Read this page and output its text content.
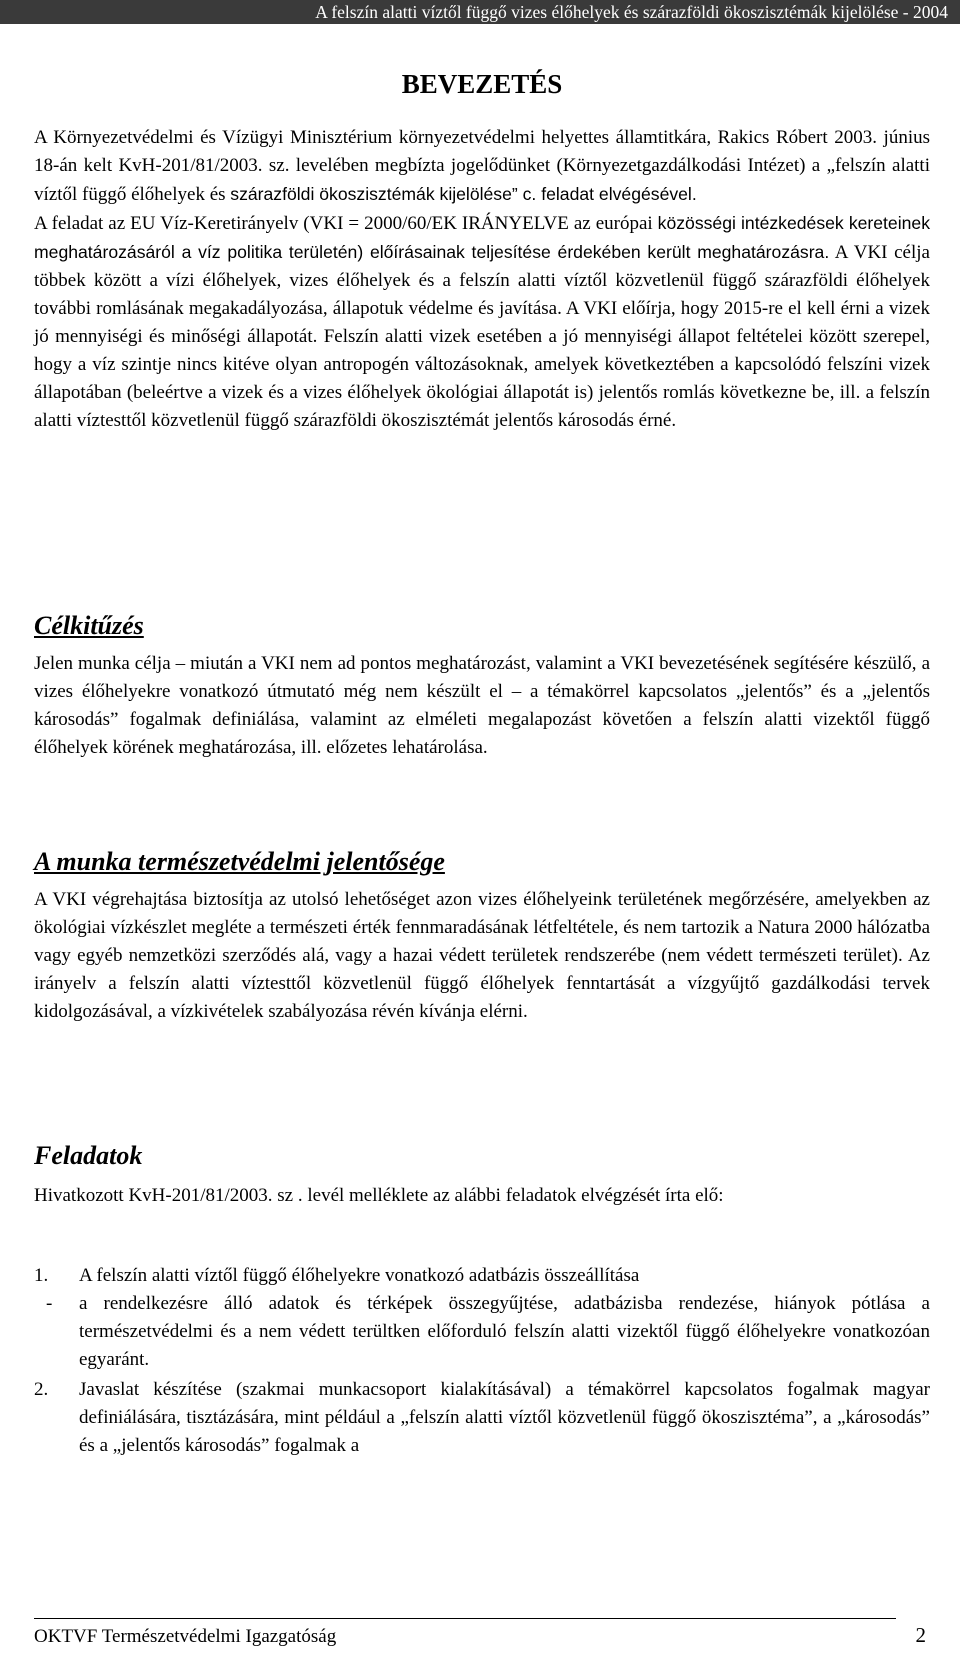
A felszín alatti víztől függő vizes élőhelyek és szárazföldi ökoszisztémák kijelölése - 2004
BEVEZETÉS

A Környezetvédelmi és Vízügyi Minisztérium környezetvédelmi helyettes államtitkára, Rakics Róbert 2003. június 18-án kelt KvH-201/81/2003. sz. levelében megbízta jogelődünket (Környezetgazdálkodási Intézet) a „felszín alatti víztől függő élőhelyek és szárazföldi ökoszisztémák kijelölése” c. feladat elvégésével.
A feladat az EU Víz-Keretirányelv (VKI = 2000/60/EK IRÁNYELVE az európai közösségi intézkedések kereteinek meghatározásáról a víz politika területén) előírásainak teljesítése érdekében került meghatározásra. A VKI célja többek között a vízi élőhelyek, vizes élőhelyek és a felszín alatti víztől közvetlenül függő szárazföldi élőhelyek további romlásának megakadályozása, állapotuk védelme és javítása. A VKI előírja, hogy 2015-re el kell érni a vizek jó mennyiségi és minőségi állapotát. Felszín alatti vizek esetében a jó mennyiségi állapot feltételei között szerepel, hogy a víz szintje nincs kitéve olyan antropogén változásoknak, amelyek következtében a kapcsolódó felszíni vizek állapotában (beleértve a vizek és a vizes élőhelyek ökológiai állapotát is) jelentős romlás következne be, ill. a felszín alatti víztesttől közvetlenül függő szárazföldi ökoszisztémát jelentős károsodás érné.

Célkitűzés

Jelen munka célja – miután a VKI nem ad pontos meghatározást, valamint a VKI bevezetésének segítésére készülő, a vizes élőhelyekre vonatkozó útmutató még nem készült el – a témakörrel kapcsolatos „jelentős” és a „jelentős károsodás” fogalmak definiálása, valamint az elméleti megalapozást követően a felszín alatti vizektől függő élőhelyek körének meghatározása, ill. előzetes lehatárolása.

A munka természetvédelmi jelentősége

A VKI végrehajtása biztosítja az utolsó lehetőséget azon vizes élőhelyeink területének megőrzésére, amelyekben az ökológiai vízkészlet megléte a természeti érték fennmaradásának létfeltétele, és nem tartozik a Natura 2000 hálózatba vagy egyéb nemzetközi szerződés alá, vagy a hazai védett területek rendszerébe (nem védett természeti terület). Az irányelv a felszín alatti víztesttől közvetlenül függő élőhelyek fenntartását a vízgyűjtő gazdálkodási tervek kidolgozásával, a vízkivételek szabályozása révén kívánja elérni.

Feladatok

Hivatkozott KvH-201/81/2003. sz . levél melléklete az alábbi feladatok elvégzését írta elő:

1. A felszín alatti víztől függő élőhelyekre vonatkozó adatbázis összeállítása
- a rendelkezésre álló adatok és térképek összegyűjtése, adatbázisba rendezése, hiányok pótlása a természetvédelmi és a nem védett terültken előforduló felszín alatti vizektől függő élőhelyekre vonatkozóan egyaránt.
2. Javaslat készítése (szakmai munkacsoport kialakításával) a témakörrel kapcsolatos fogalmak magyar definiálására, tisztázására, mint például a „felszín alatti víztől közvetlenül függő ökoszisztéma”, a „károsodás” és a „jelentős károsodás” fogalmak a
OKTVF Természetvédelmi Igazgatóság	2
